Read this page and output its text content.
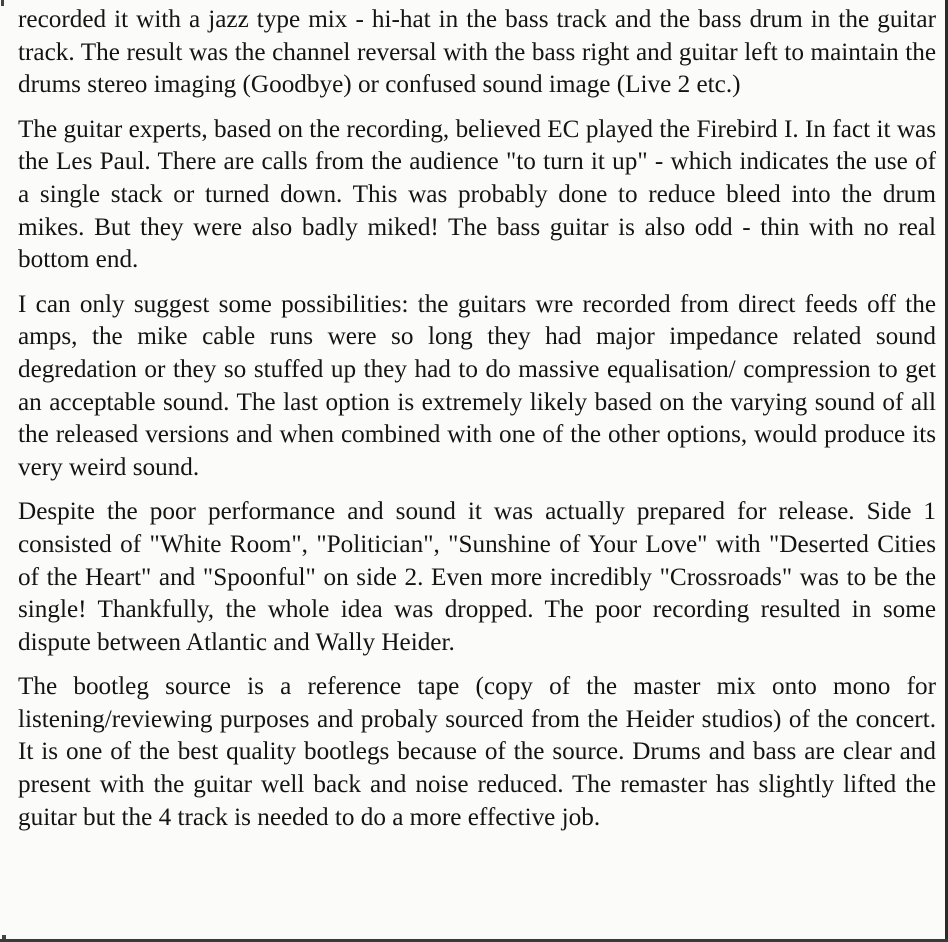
recorded it with a jazz type mix - hi-hat in the bass track and the bass drum in the guitar track. The result was the channel reversal with the bass right and guitar left to maintain the drums stereo imaging (Goodbye) or confused sound image (Live 2 etc.)

The guitar experts, based on the recording, believed EC played the Firebird I. In fact it was the Les Paul. There are calls from the audience "to turn it up" - which indicates the use of a single stack or turned down. This was probably done to reduce bleed into the drum mikes. But they were also badly miked! The bass guitar is also odd - thin with no real bottom end.

I can only suggest some possibilities: the guitars wre recorded from direct feeds off the amps, the mike cable runs were so long they had major impedance related sound degredation or they so stuffed up they had to do massive equalisation/ compression to get an acceptable sound. The last option is extremely likely based on the varying sound of all the released versions and when combined with one of the other options, would produce its very weird sound.

Despite the poor performance and sound it was actually prepared for release. Side 1 consisted of "White Room", "Politician", "Sunshine of Your Love" with "Deserted Cities of the Heart" and "Spoonful" on side 2. Even more incredibly "Crossroads" was to be the single! Thankfully, the whole idea was dropped. The poor recording resulted in some dispute between Atlantic and Wally Heider.

The bootleg source is a reference tape (copy of the master mix onto mono for listening/reviewing purposes and probaly sourced from the Heider studios) of the concert. It is one of the best quality bootlegs because of the source. Drums and bass are clear and present with the guitar well back and noise reduced. The remaster has slightly lifted the guitar but the 4 track is needed to do a more effective job.
